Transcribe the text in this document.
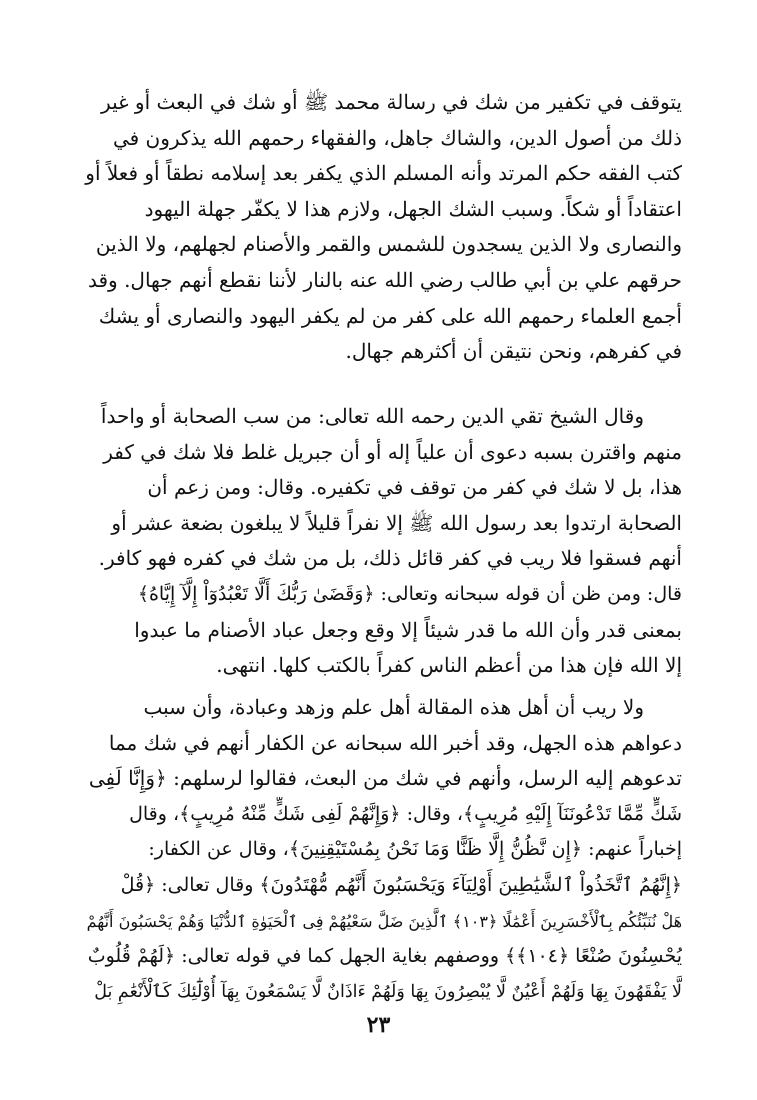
يتوقف في تكفير من شك في رسالة محمد ﷺ أو شك في البعث أو غير
ذلك من أصول الدين، والشاك جاهل، والفقهاء رحمهم الله يذكرون في
كتب الفقه حكم المرتد وأنه المسلم الذي يكفر بعد إسلامه نطقاً أو فعلاً أو
اعتقاداً أو شكاً. وسبب الشك الجهل، ولازم هذا لا يكفّر جهلة اليهود
والنصارى ولا الذين يسجدون للشمس والقمر والأصنام لجهلهم، ولا الذين
حرقهم علي بن أبي طالب رضي الله عنه بالنار لأننا نقطع أنهم جهال. وقد
أجمع العلماء رحمهم الله على كفر من لم يكفر اليهود والنصارى أو يشك
في كفرهم، ونحن نتيقن أن أكثرهم جهال.
وقال الشيخ تقي الدين رحمه الله تعالى: من سب الصحابة أو واحداً
منهم واقترن بسبه دعوى أن علياً إله أو أن جبريل غلط فلا شك في كفر
هذا، بل لا شك في كفر من توقف في تكفيره. وقال: ومن زعم أن
الصحابة ارتدوا بعد رسول الله ﷺ إلا نفراً قليلاً لا يبلغون بضعة عشر أو
أنهم فسقوا فلا ريب في كفر قائل ذلك، بل من شك في كفره فهو كافر.
قال: ومن ظن أن قوله سبحانه وتعالى: ﴿وَقَضَىٰ رَبُّكَ أَلَّا تَعْبُدُوٓاْ إِلَّآ إِيَّاهُ﴾
بمعنى قدر وأن الله ما قدر شيئاً إلا وقع وجعل عباد الأصنام ما عبدوا
إلا الله فإن هذا من أعظم الناس كفراً بالكتب كلها. انتهى.
ولا ريب أن أهل هذه المقالة أهل علم وزهد وعبادة، وأن سبب
دعواهم هذه الجهل، وقد أخبر الله سبحانه عن الكفار أنهم في شك مما
تدعوهم إليه الرسل، وأنهم في شك من البعث، فقالوا لرسلهم: ﴿وَإِنَّا لَفِى
شَكٍّ مِّمَّا تَدْعُونَنَآ إِلَيْهِ مُرِيبٍ﴾، وقال: ﴿وَإِنَّهُمْ لَفِى شَكٍّ مِّنْهُ مُرِيبٍ﴾، وقال
إخباراً عنهم: ﴿إِن نَّظُنُّ إِلَّا ظَنًّا وَمَا نَحْنُ بِمُسْتَيْقِنِينَ﴾، وقال عن الكفار:
﴿إِنَّهُمُ ٱتَّخَذُواْ ٱلشَّيَٰطِينَ أَوْلِيَآءَ وَيَحْسَبُونَ أَنَّهُم مُّهْتَدُونَ﴾ وقال تعالى: ﴿قُلْ
هَلْ نُنَبِّئُكُم بِٱلْأَخْسَرِينَ أَعْمَٰلًا ﴿١٠٣﴾ ٱلَّذِينَ ضَلَّ سَعْيُهُمْ فِى ٱلْحَيَوٰةِ ٱلدُّنْيَا وَهُمْ يَحْسَبُونَ أَنَّهُمْ
يُحْسِنُونَ صُنْعًا ﴿١٠٤﴾﴾ ووصفهم بغاية الجهل كما في قوله تعالى: ﴿لَهُمْ قُلُوبٌ
لَّا يَفْقَهُونَ بِهَا وَلَهُمْ أَعْيُنٌ لَّا يُبْصِرُونَ بِهَا وَلَهُمْ ءَاذَانٌ لَّا يَسْمَعُونَ بِهَآ أُوْلَٰٓئِكَ كَٱلْأَنْعَٰمِ بَلْ
٢٣
